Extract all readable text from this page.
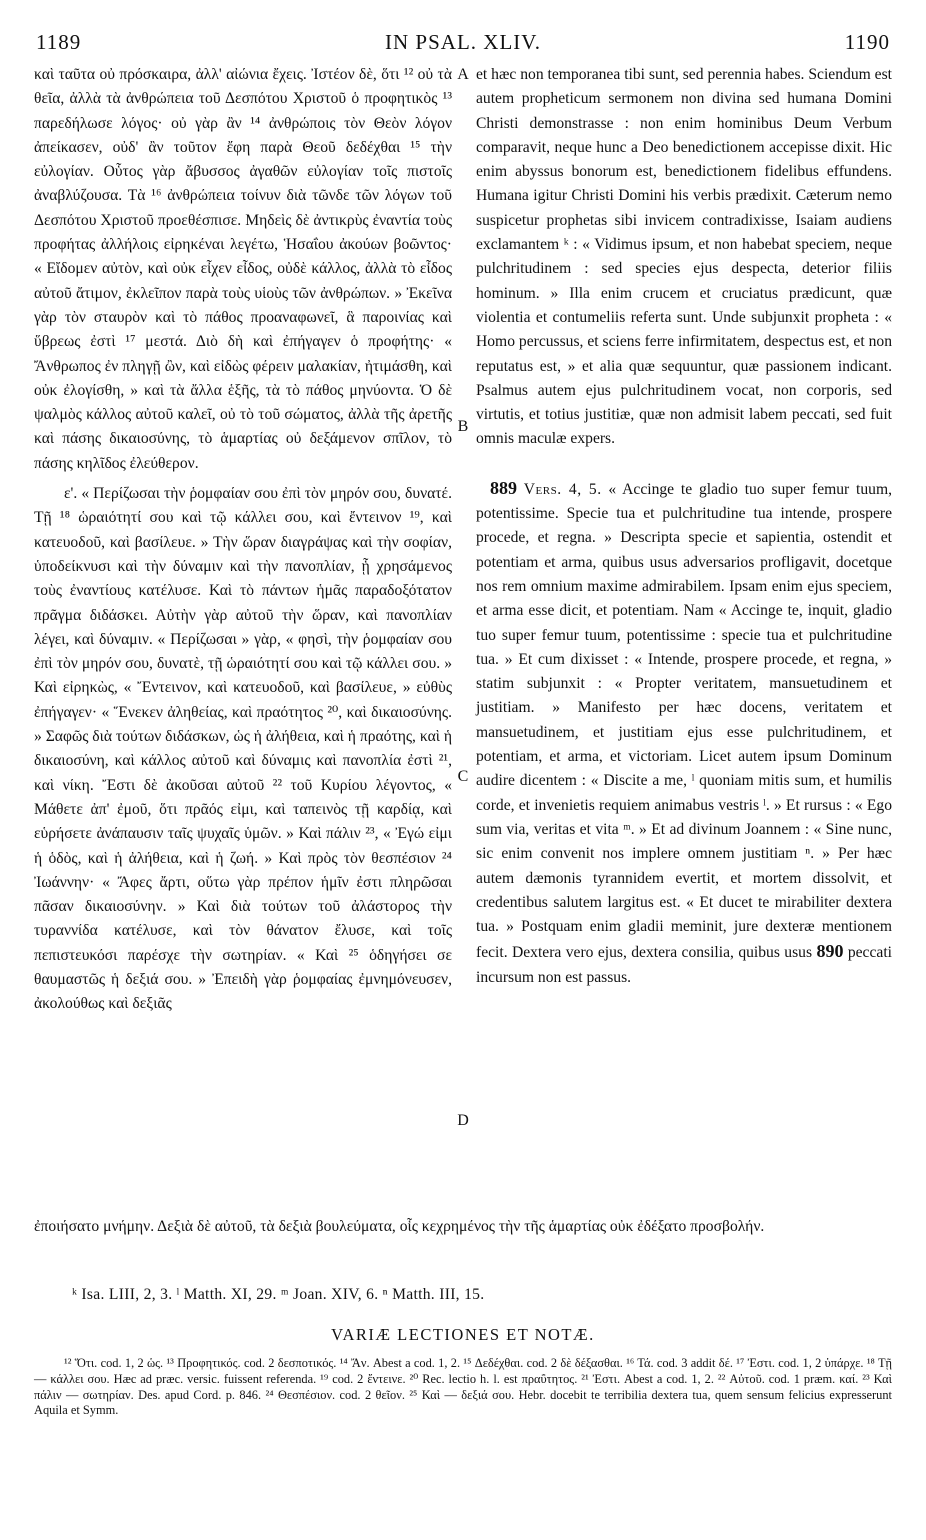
1189	IN PSAL. XLIV.	1190

καὶ ταῦτα οὐ πρόσκαιρα, ἀλλ' αἰώνια ἔχεις. Ἰστέον δὲ, ὅτι ¹² οὐ τὰ θεῖα, ἀλλὰ τὰ ἀνθρώπεια τοῦ Δεσπότου Χριστοῦ ὁ προφητικὸς ¹³ παρεδήλωσε λόγος· οὐ γὰρ ἂν ¹⁴ ἀνθρώποις τὸν Θεὸν λόγον ἀπείκασεν, οὐδ' ἂν τοῦτον ἔφη παρὰ Θεοῦ δεδέχθαι ¹⁵ τὴν εὐλογίαν. Οὗτος γὰρ ἄβυσσος ἀγαθῶν εὐλογίαν τοῖς πιστοῖς ἀναβλύζουσα. Τὰ ¹⁶ ἀνθρώπεια τοίνυν διὰ τῶνδε τῶν λόγων τοῦ Δεσπότου Χριστοῦ προεθέσπισε. Μηδεὶς δὲ ἀντικρὺς ἐναντία τοὺς προφήτας ἀλλήλοις εἰρηκέναι λεγέτω, Ἡσαΐου ἀκούων βοῶντος· « Εἴδομεν αὐτὸν, καὶ οὐκ εἶχεν εἶδος, οὐδὲ κάλλος, ἀλλὰ τὸ εἶδος αὐτοῦ ἄτιμον, ἐκλεῖπον παρὰ τοὺς υἱοὺς τῶν ἀνθρώπων. » Ἐκεῖνα γὰρ τὸν σταυρὸν καὶ τὸ πάθος προαναφωνεῖ, ἃ παροινίας καὶ ὕβρεως ἐστὶ ¹⁷ μεστά. Διὸ δὴ καὶ ἐπήγαγεν ὁ προφήτης· « Ἄνθρωπος ἐν πληγῇ ὢν, καὶ εἰδὼς φέρειν μαλακίαν, ἠτιμάσθη, καὶ οὐκ ἐλογίσθη, » καὶ τὰ ἄλλα ἑξῆς, τὰ τὸ πάθος μηνύοντα. Ὁ δὲ ψαλμὸς κάλλος αὐτοῦ καλεῖ, οὐ τὸ τοῦ σώματος, ἀλλὰ τῆς ἀρετῆς καὶ πάσης δικαιοσύνης, τὸ ἁμαρτίας οὐ δεξάμενον σπῖλον, τὸ πάσης κηλῖδος ἐλεύθερον.

ε'. « Περίζωσαι τὴν ῥομφαίαν σου ἐπὶ τὸν μηρόν σου, δυνατέ. Τῇ ¹⁸ ὡραιότητί σου καὶ τῷ κάλλει σου, καὶ ἔντεινον ¹⁹, καὶ κατευοδοῦ, καὶ βασίλευε. » Τὴν ὥραν διαγράψας καὶ τὴν σοφίαν, ὑποδείκνυσι καὶ τὴν δύναμιν καὶ τὴν πανοπλίαν, ᾗ χρησάμενος τοὺς ἐναντίους κατέλυσε. Καὶ τὸ πάντων ἡμᾶς παραδοξότατον πρᾶγμα διδάσκει. Αὐτὴν γὰρ αὐτοῦ τὴν ὥραν, καὶ πανοπλίαν λέγει, καὶ δύναμιν. « Περίζωσαι » γὰρ, « φησὶ, τὴν ῥομφαίαν σου ἐπὶ τὸν μηρόν σου, δυνατὲ, τῇ ὡραιότητί σου καὶ τῷ κάλλει σου. » Καὶ εἰρηκὼς, « Ἔντεινον, καὶ κατευοδοῦ, καὶ βασίλευε, » εὐθὺς ἐπήγαγεν· « Ἕνεκεν ἀληθείας, καὶ πραότητος ²⁰, καὶ δικαιοσύνης. » Σαφῶς διὰ τούτων διδάσκων, ὡς ἡ ἀλήθεια, καὶ ἡ πραότης, καὶ ἡ δικαιοσύνη, καὶ κάλλος αὐτοῦ καὶ δύναμις καὶ πανοπλία ἐστὶ ²¹, καὶ νίκη. Ἔστι δὲ ἀκοῦσαι αὐτοῦ ²² τοῦ Κυρίου λέγοντος, « Μάθετε ἀπ' ἐμοῦ, ὅτι πρᾶός εἰμι, καὶ ταπεινὸς τῇ καρδίᾳ, καὶ εὑρήσετε ἀνάπαυσιν ταῖς ψυχαῖς ὑμῶν. » Καὶ πάλιν ²³, « Ἐγώ εἰμι ἡ ὁδὸς, καὶ ἡ ἀλήθεια, καὶ ἡ ζωή. » Καὶ πρὸς τὸν θεσπέσιον ²⁴ Ἰωάννην· « Ἄφες ἄρτι, οὕτω γὰρ πρέπον ἡμῖν ἐστι πληρῶσαι πᾶσαν δικαιοσύνην. » Καὶ διὰ τούτων τοῦ ἀλάστορος τὴν τυραννίδα κατέλυσε, καὶ τὸν θάνατον ἔλυσε, καὶ τοῖς πεπιστευκόσι παρέσχε τὴν σωτηρίαν. « Καὶ ²⁵ ὁδηγήσει σε θαυμαστῶς ἡ δεξιά σου. » Ἐπειδὴ γὰρ ῥομφαίας ἐμνημόνευσεν, ἀκολούθως καὶ δεξιᾶς

A
B
C
D

et hæc non temporanea tibi sunt, sed perennia habes. Sciendum est autem propheticum sermonem non divina sed humana Domini Christi demonstrasse : non enim hominibus Deum Verbum comparavit, neque hunc a Deo benedictionem accepisse dixit. Hic enim abyssus bonorum est, benedictionem fidelibus effundens. Humana igitur Christi Domini his verbis prædixit. Cæterum nemo suspicetur prophetas sibi invicem contradixisse, Isaiam audiens exclamantem ᵏ : « Vidimus ipsum, et non habebat speciem, neque pulchritudinem : sed species ejus despecta, deterior filiis hominum. » Illa enim crucem et cruciatus prædicunt, quæ violentia et contumeliis referta sunt. Unde subjunxit propheta : « Homo percussus, et sciens ferre infirmitatem, despectus est, et non reputatus est, » et alia quæ sequuntur, quæ passionem indicant. Psalmus autem ejus pulchritudinem vocat, non corporis, sed virtutis, et totius justitiæ, quæ non admisit labem peccati, sed fuit omnis maculæ expers.

889 Vers. 4, 5. « Accinge te gladio tuo super femur tuum, potentissime. Specie tua et pulchritudine tua intende, prospere procede, et regna. » Descripta specie et sapientia, ostendit et potentiam et arma, quibus usus adversarios profligavit, docetque nos rem omnium maxime admirabilem. Ipsam enim ejus speciem, et arma esse dicit, et potentiam. Nam « Accinge te, inquit, gladio tuo super femur tuum, potentissime : specie tua et pulchritudine tua. » Et cum dixisset : « Intende, prospere procede, et regna, » statim subjunxit : « Propter veritatem, mansuetudinem et justitiam. » Manifesto per hæc docens, veritatem et mansuetudinem, et justitiam ejus esse pulchritudinem, et potentiam, et arma, et victoriam. Licet autem ipsum Dominum audire dicentem : « Discite a me, ˡ quoniam mitis sum, et humilis corde, et invenietis requiem animabus vestris ˡ. » Et rursus : « Ego sum via, veritas et vita ᵐ. » Et ad divinum Joannem : « Sine nunc, sic enim convenit nos implere omnem justitiam ⁿ. » Per hæc autem dæmonis tyrannidem evertit, et mortem dissolvit, et credentibus salutem largitus est. « Et ducet te mirabiliter dextera tua. » Postquam enim gladii meminit, jure dexteræ mentionem fecit. Dextera vero ejus, dextera consilia, quibus usus 890 peccati incursum non est passus.

ἐποιήσατο μνήμην. Δεξιὰ δὲ αὐτοῦ, τὰ δεξιὰ βουλεύματα, οἷς κεχρημένος τὴν τῆς ἁμαρτίας οὐκ ἐδέξατο προσβολήν.
ᵏ Isa. LIII, 2, 3. ˡ Matth. XI, 29. ᵐ Joan. XIV, 6. ⁿ Matth. III, 15.
VARIÆ LECTIONES ET NOTÆ.

¹² Ὅτι. cod. 1, 2 ὡς. ¹³ Προφητικός. cod. 2 δεσποτικός. ¹⁴ Ἄν. Abest a cod. 1, 2. ¹⁵ Δεδέχθαι. cod. 2 δὲ δέξασθαι. ¹⁶ Τά. cod. 3 addit δέ. ¹⁷ Ἐστι. cod. 1, 2 ὑπάρχε. ¹⁸ Τῇ — κάλλει σου. Hæc ad præc. versic. fuissent referenda. ¹⁹ cod. 2 ἔντεινε. ²⁰ Rec. lectio h. l. est πραΰτητος. ²¹ Ἐστι. Abest a cod. 1, 2. ²² Αὐτοῦ. cod. 1 præm. καί. ²³ Καὶ πάλιν — σωτηρίαν. Des. apud Cord. p. 846. ²⁴ Θεσπέσιον. cod. 2 θεῖον. ²⁵ Καὶ — δεξιά σου. Hebr. docebit te terribilia dextera tua, quem sensum felicius expresserunt Aquila et Symm.
